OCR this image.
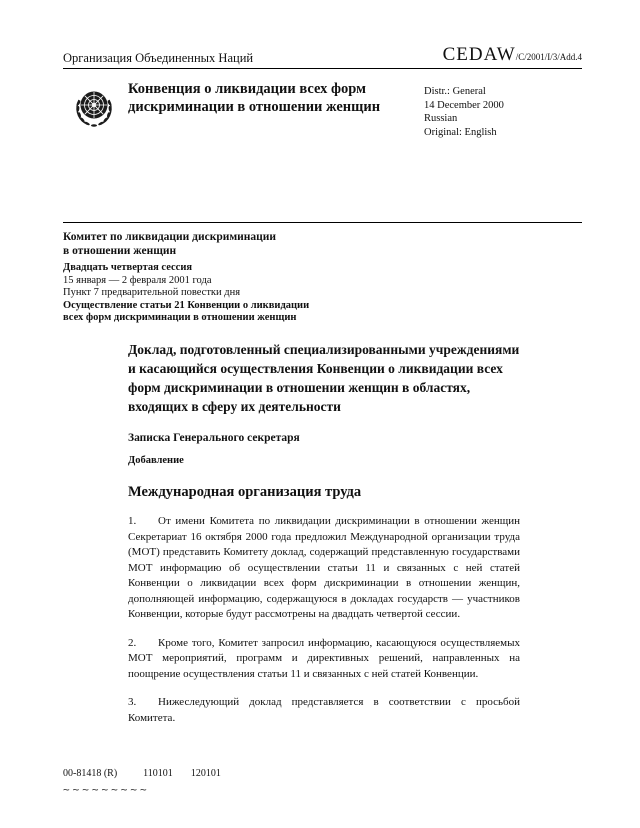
Организация Объединенных Наций	CEDAW/C/2001/I/3/Add.4
Конвенция о ликвидации всех форм дискриминации в отношении женщин
Distr.: General
14 December 2000
Russian
Original: English
Комитет по ликвидации дискриминации
в отношении женщин
Двадцать четвертая сессия
15 января — 2 февраля 2001 года
Пункт 7 предварительной повестки дня
Осуществление статьи 21 Конвенции о ликвидации
всех форм дискриминации в отношении женщин

Доклад, подготовленный специализированными учреждениями и касающийся осуществления Конвенции о ликвидации всех форм дискриминации в отношении женщин в областях, входящих в сферу их деятельности

Записка Генерального секретаря
Добавление
Международная организация труда

1. От имени Комитета по ликвидации дискриминации в отношении женщин Секретариат 16 октября 2000 года предложил Международной организации труда (МОТ) представить Комитету доклад, содержащий представленную государствами МОТ информацию об осуществлении статьи 11 и связанных с ней статей Конвенции о ликвидации всех форм дискриминации в отношении женщин, дополняющей информацию, содержащуюся в докладах государств — участников Конвенции, которые будут рассмотрены на двадцать четвертой сессии.

2. Кроме того, Комитет запросил информацию, касающуюся осуществляемых МОТ мероприятий, программ и директивных решений, направленных на поощрение осуществления статьи 11 и связанных с ней статей Конвенции.

3. Нижеследующий доклад представляется в соответствии с просьбой Комитета.

00-81418 (R)	110101 120101
~~~~~~~~~
